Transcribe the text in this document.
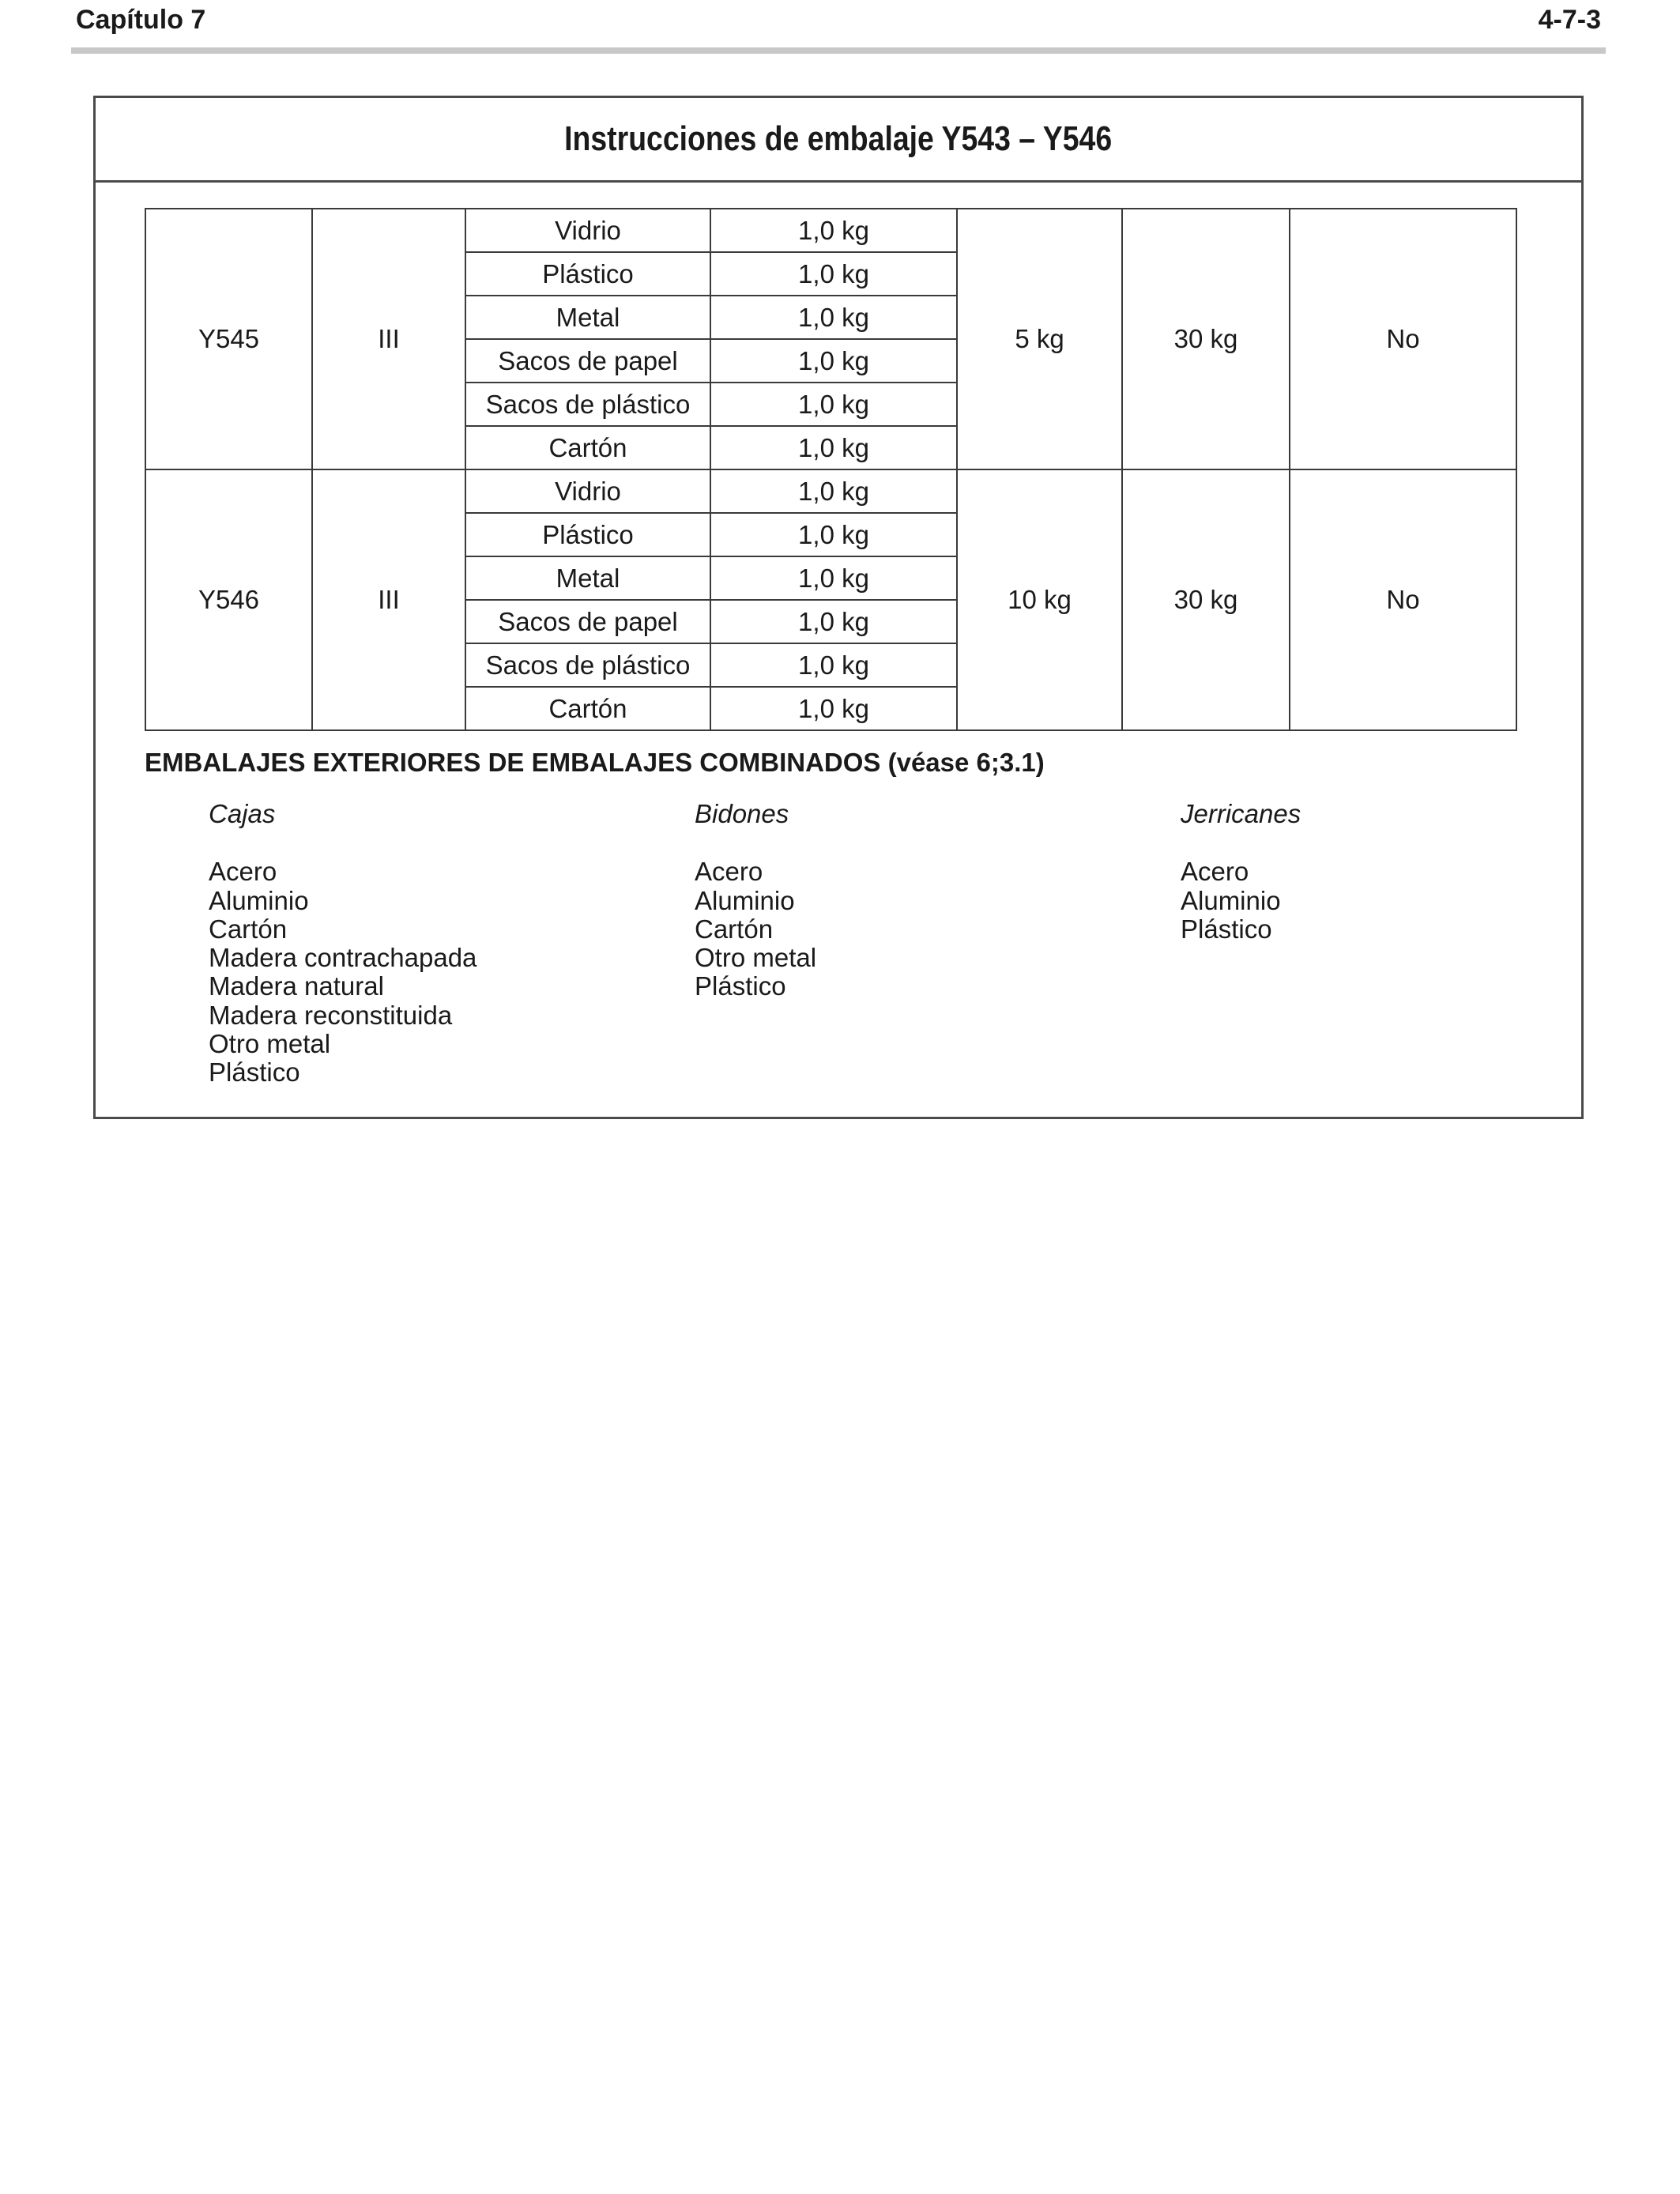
Capítulo 7	4-7-3
Instrucciones de embalaje Y543 – Y546
Y545	III	Vidrio	1,0 kg	5 kg	30 kg	No
		Plástico	1,0 kg			
		Metal	1,0 kg			
		Sacos de papel	1,0 kg			
		Sacos de plástico	1,0 kg			
		Cartón	1,0 kg			
Y546	III	Vidrio	1,0 kg	10 kg	30 kg	No
		Plástico	1,0 kg			
		Metal	1,0 kg			
		Sacos de papel	1,0 kg			
		Sacos de plástico	1,0 kg			
		Cartón	1,0 kg			
EMBALAJES EXTERIORES DE EMBALAJES COMBINADOS (véase 6;3.1)
Cajas
Acero
Aluminio
Cartón
Madera contrachapada
Madera natural
Madera reconstituida
Otro metal
Plástico
Bidones
Acero
Aluminio
Cartón
Otro metal
Plástico
Jerricanes
Acero
Aluminio
Plástico
